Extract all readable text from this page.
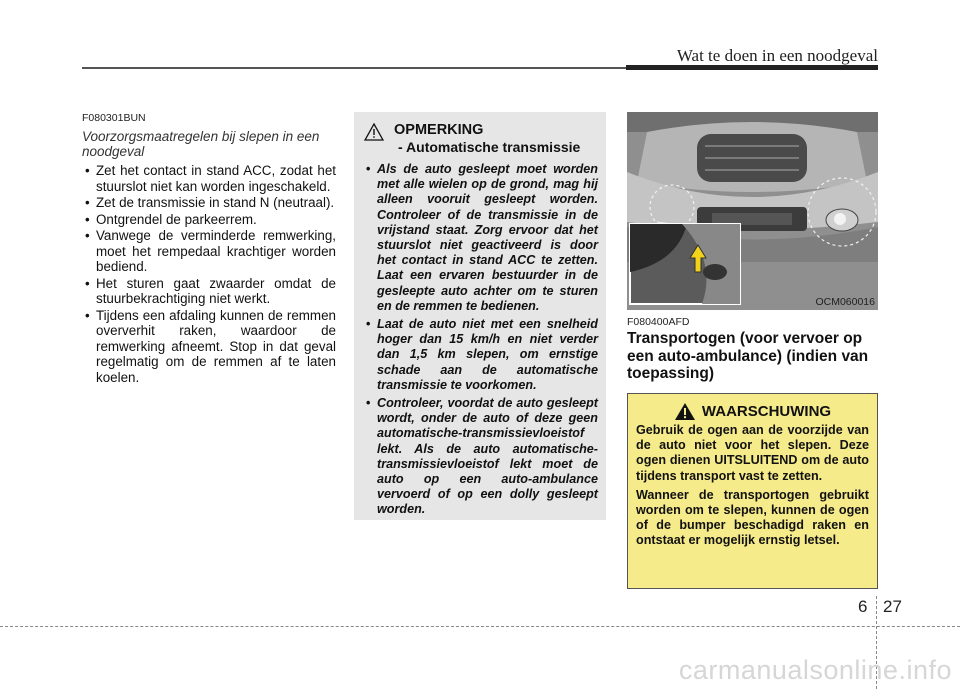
Wat te doen in een noodgeval
F080301BUN
Voorzorgsmaatregelen bij slepen in een noodgeval
• Zet het contact in stand ACC, zodat het stuurslot niet kan worden ingeschakeld.
• Zet de transmissie in stand N (neutraal).
• Ontgrendel de parkeerrem.
• Vanwege de verminderde remwerking, moet het rempedaal krachtiger worden bediend.
• Het sturen gaat zwaarder omdat de stuurbekrachtiging niet werkt.
• Tijdens een afdaling kunnen de remmen oververhit raken, waardoor de remwerking afneemt. Stop in dat geval regelmatig om de remmen af te laten koelen.
OPMERKING
- Automatische transmissie
• Als de auto gesleept moet worden met alle wielen op de grond, mag hij alleen vooruit gesleept worden. Controleer of de transmissie in de vrijstand staat. Zorg ervoor dat het stuurslot niet geactiveerd is door het contact in stand ACC te zetten. Laat een ervaren bestuurder in de gesleepte auto achter om te sturen en de remmen te bedienen.
• Laat de auto niet met een snelheid hoger dan 15 km/h en niet verder dan 1,5 km slepen, om ernstige schade aan de automatische transmissie te voorkomen.
• Controleer, voordat de auto gesleept wordt, onder de auto of deze geen automatische-transmissievloeistof lekt. Als de auto automatische-transmissievloeistof lekt moet de auto op een auto-ambulance vervoerd of op een dolly gesleept worden.
OCM060016
F080400AFD
Transportogen (voor vervoer op een auto-ambulance) (indien van toepassing)
WAARSCHUWING

Gebruik de ogen aan de voorzijde van de auto niet voor het slepen. Deze ogen dienen UITSLUITEND om de auto tijdens transport vast te zetten.

Wanneer de transportogen gebruikt worden om te slepen, kunnen de ogen of de bumper beschadigd raken en ontstaat er mogelijk ernstig letsel.

6 27
carmanualsonline.info
